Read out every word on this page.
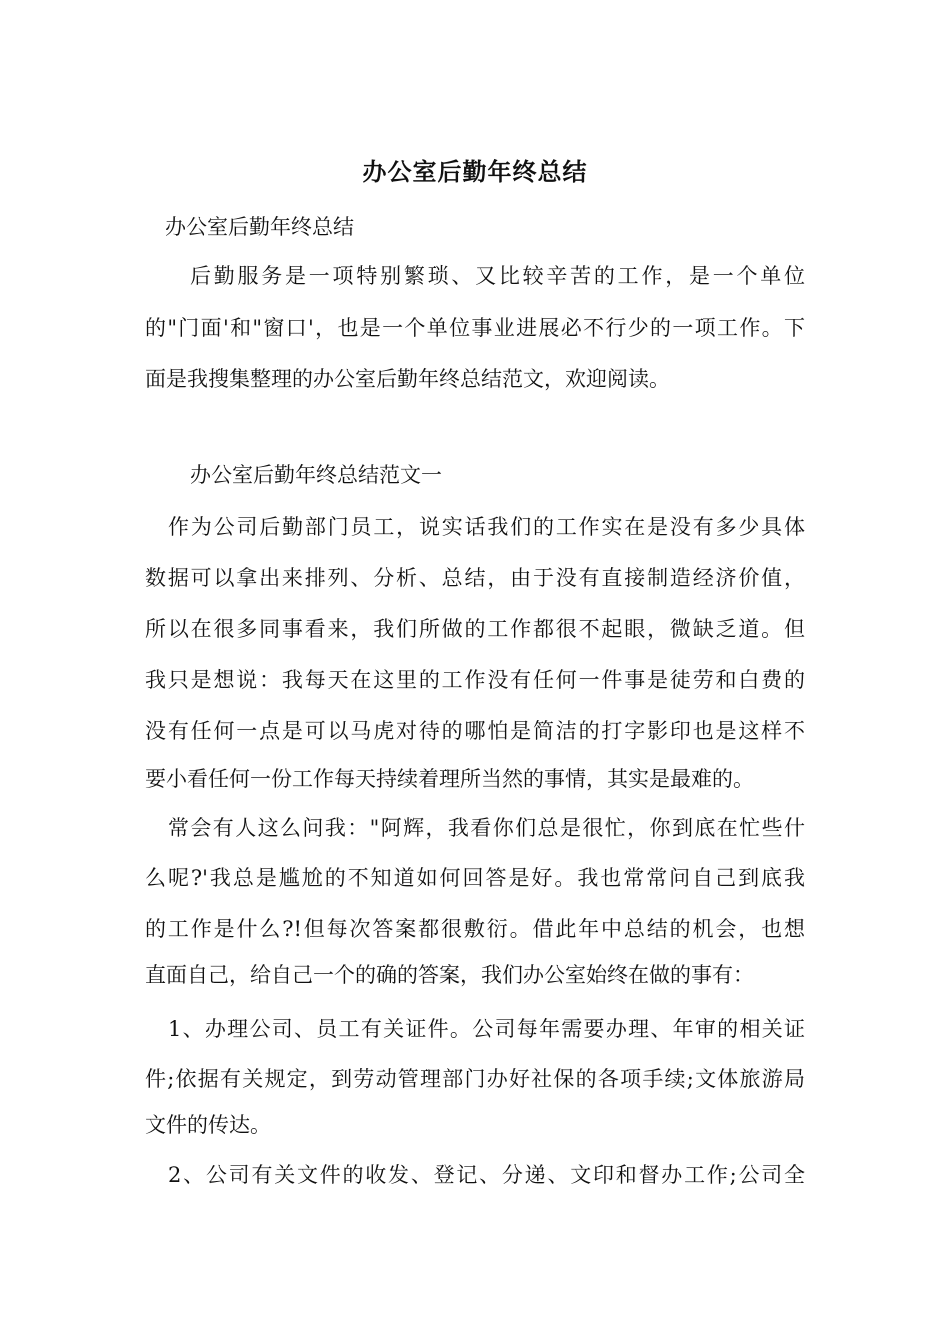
办公室后勤年终总结
办公室后勤年终总结
后勤服务是一项特别繁琐、又比较辛苦的工作，是一个单位
的"门面'和"窗口'，也是一个单位事业进展必不行少的一项工作。下
面是我搜集整理的办公室后勤年终总结范文，欢迎阅读。
办公室后勤年终总结范文一
作为公司后勤部门员工，说实话我们的工作实在是没有多少具体
数据可以拿出来排列、分析、总结，由于没有直接制造经济价值，
所以在很多同事看来，我们所做的工作都很不起眼，微缺乏道。但
我只是想说：我每天在这里的工作没有任何一件事是徒劳和白费的
没有任何一点是可以马虎对待的哪怕是简洁的打字影印也是这样不
要小看任何一份工作每天持续着理所当然的事情，其实是最难的。
常会有人这么问我："阿辉，我看你们总是很忙，你到底在忙些什
么呢?'我总是尴尬的不知道如何回答是好。我也常常问自己到底我
的工作是什么?!但每次答案都很敷衍。借此年中总结的机会，也想
直面自己，给自己一个的确的答案，我们办公室始终在做的事有：
1、办理公司、员工有关证件。公司每年需要办理、年审的相关证
件;依据有关规定，到劳动管理部门办好社保的各项手续;文体旅游局
文件的传达。
2、公司有关文件的收发、登记、分递、文印和督办工作;公司全
